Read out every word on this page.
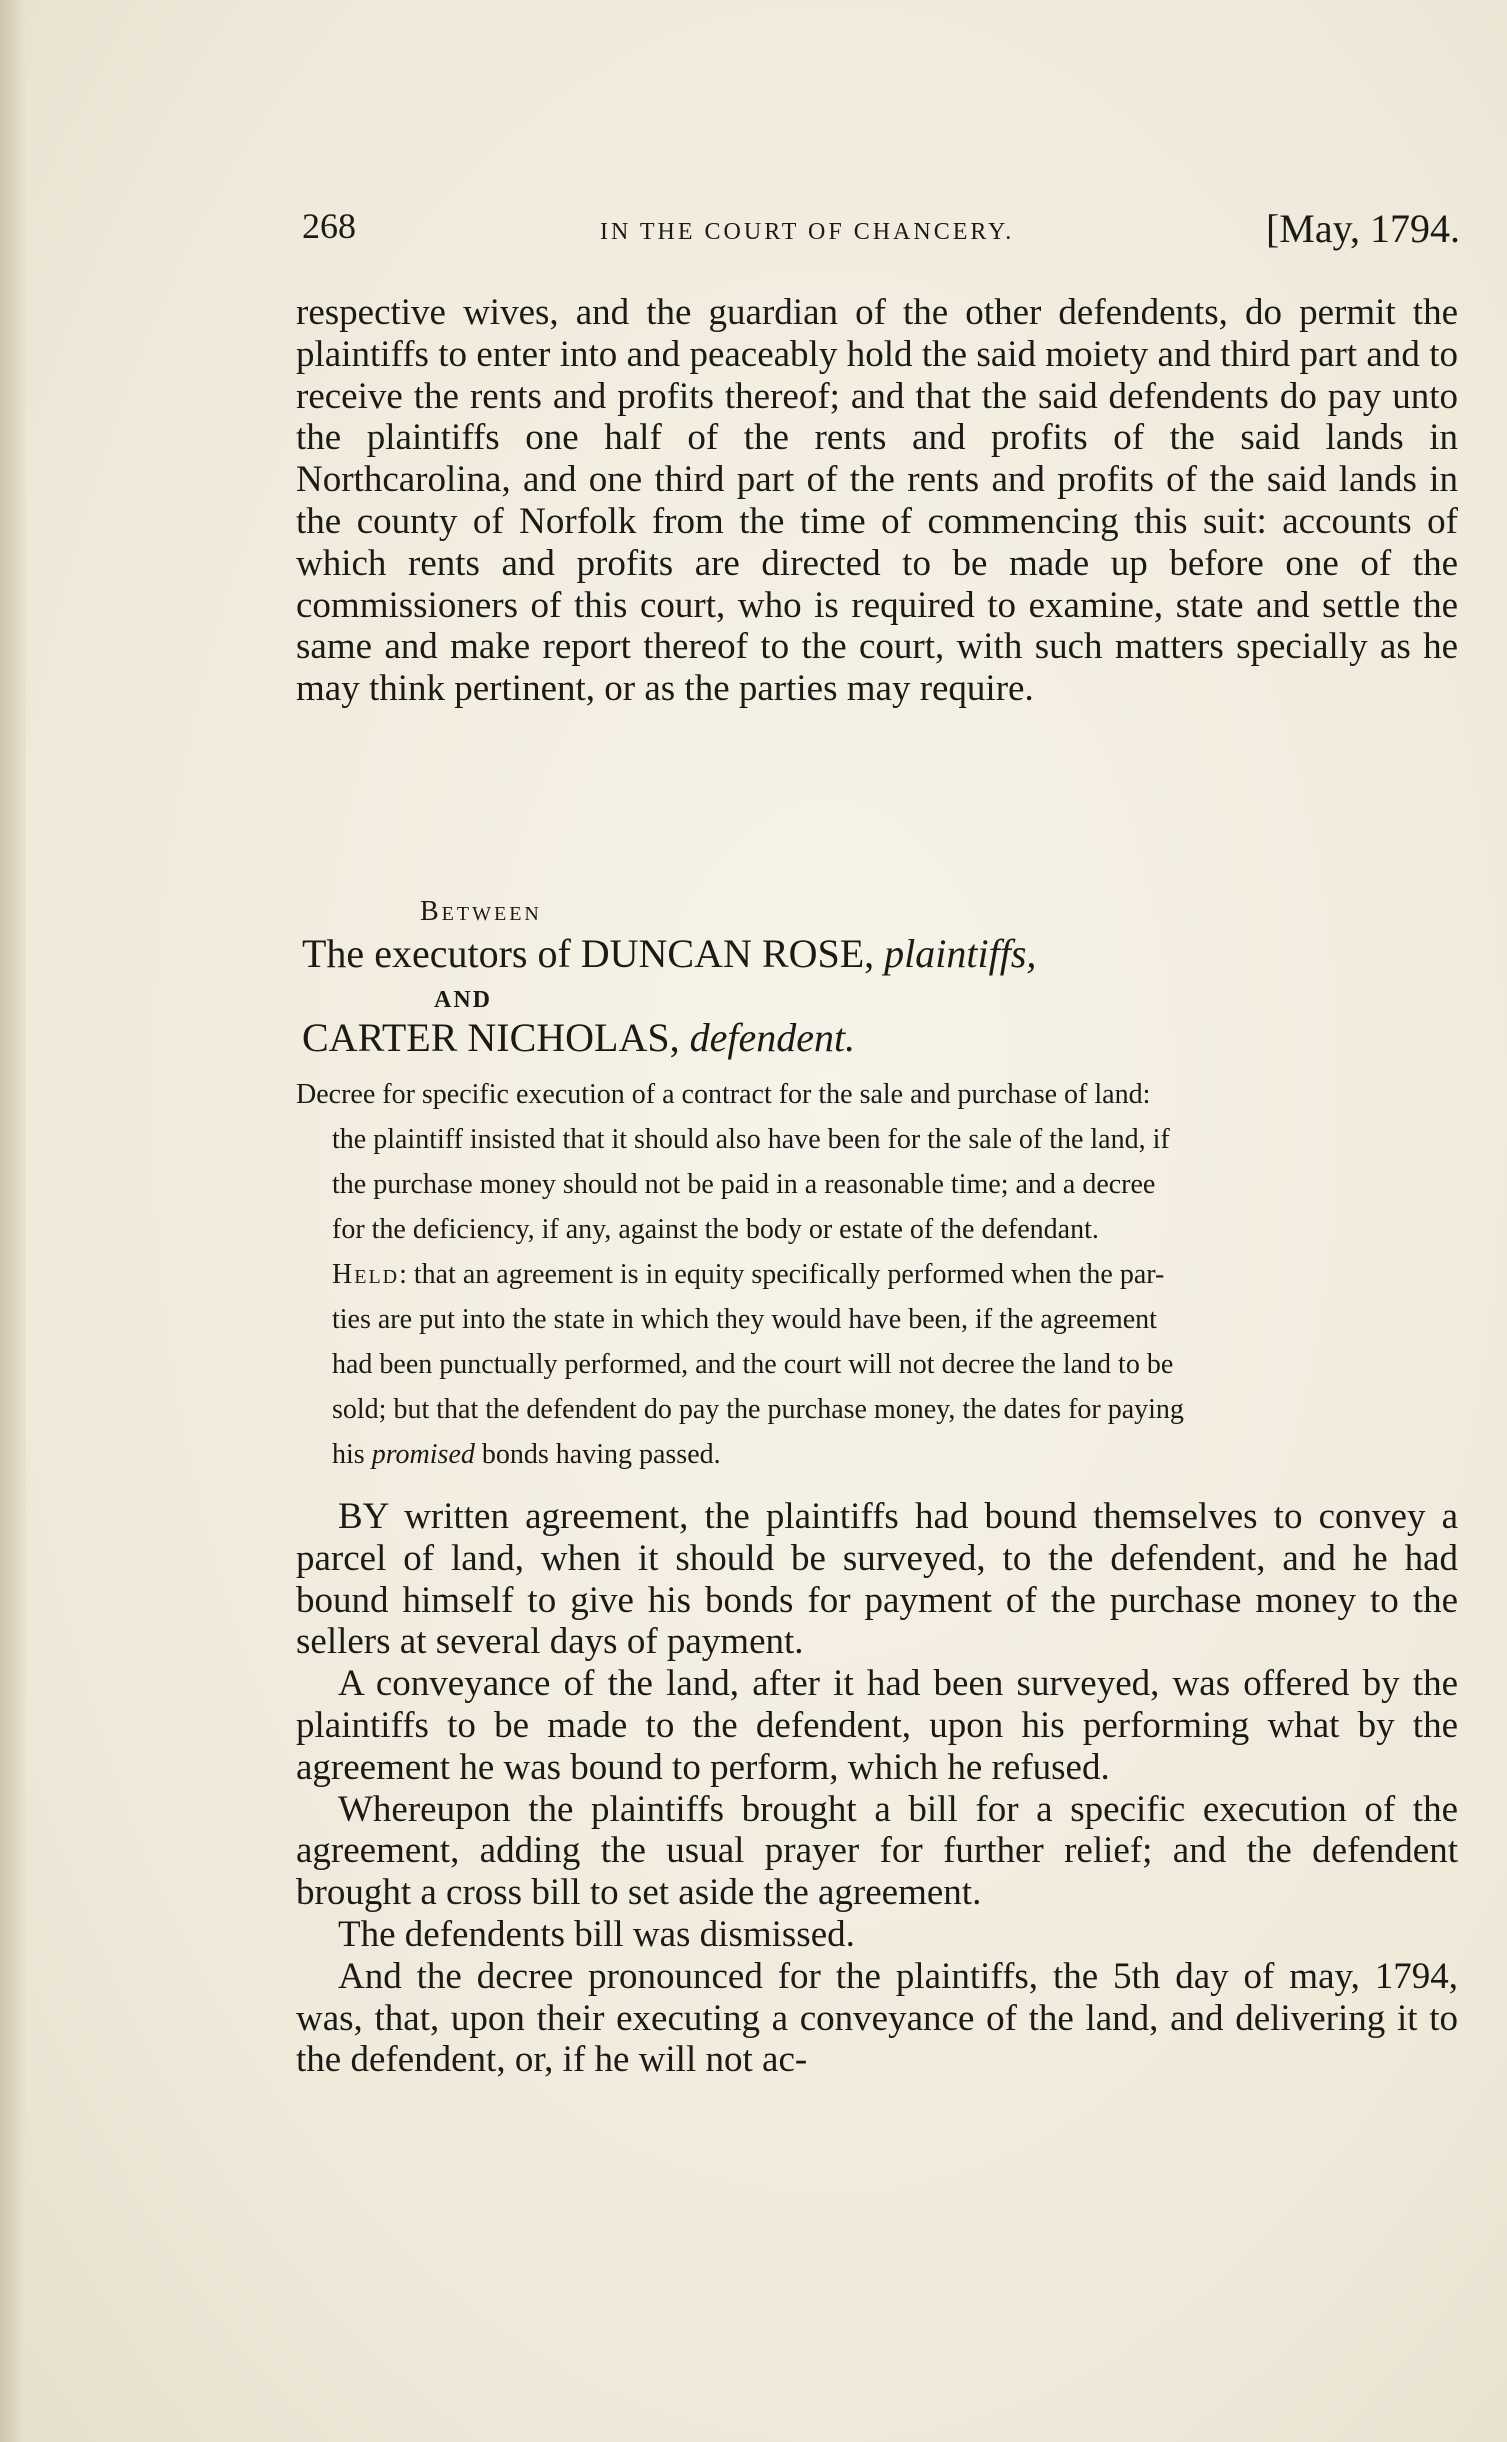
268	IN THE COURT OF CHANCERY.	[May, 1794.

respective wives, and the guardian of the other defendents, do permit the plaintiffs to enter into and peaceably hold the said moiety and third part and to receive the rents and profits thereof; and that the said defendents do pay unto the plaintiffs one half of the rents and profits of the said lands in Northcarolina, and one third part of the rents and profits of the said lands in the county of Norfolk from the time of commencing this suit: accounts of which rents and profits are directed to be made up before one of the commissioners of this court, who is required to examine, state and settle the same and make report thereof to the court, with such matters specially as he may think pertinent, or as the parties may require.

Between
The executors of DUNCAN ROSE, plaintiffs,
AND
CARTER NICHOLAS, defendent.
Decree for specific execution of a contract for the sale and purchase of land:
the plaintiff insisted that it should also have been for the sale of the land, if
the purchase money should not be paid in a reasonable time; and a decree
for the deficiency, if any, against the body or estate of the defendant.
Held: that an agreement is in equity specifically performed when the par-
ties are put into the state in which they would have been, if the agreement
had been punctually performed, and the court will not decree the land to be
sold; but that the defendent do pay the purchase money, the dates for paying
his promised bonds having passed.

BY written agreement, the plaintiffs had bound themselves to convey a parcel of land, when it should be surveyed, to the defendent, and he had bound himself to give his bonds for payment of the purchase money to the sellers at several days of payment.

A conveyance of the land, after it had been surveyed, was offered by the plaintiffs to be made to the defendent, upon his performing what by the agreement he was bound to perform, which he refused.

Whereupon the plaintiffs brought a bill for a specific execution of the agreement, adding the usual prayer for further relief; and the defendent brought a cross bill to set aside the agreement.

The defendents bill was dismissed.

And the decree pronounced for the plaintiffs, the 5th day of may, 1794, was, that, upon their executing a conveyance of the land, and delivering it to the defendent, or, if he will not ac-
